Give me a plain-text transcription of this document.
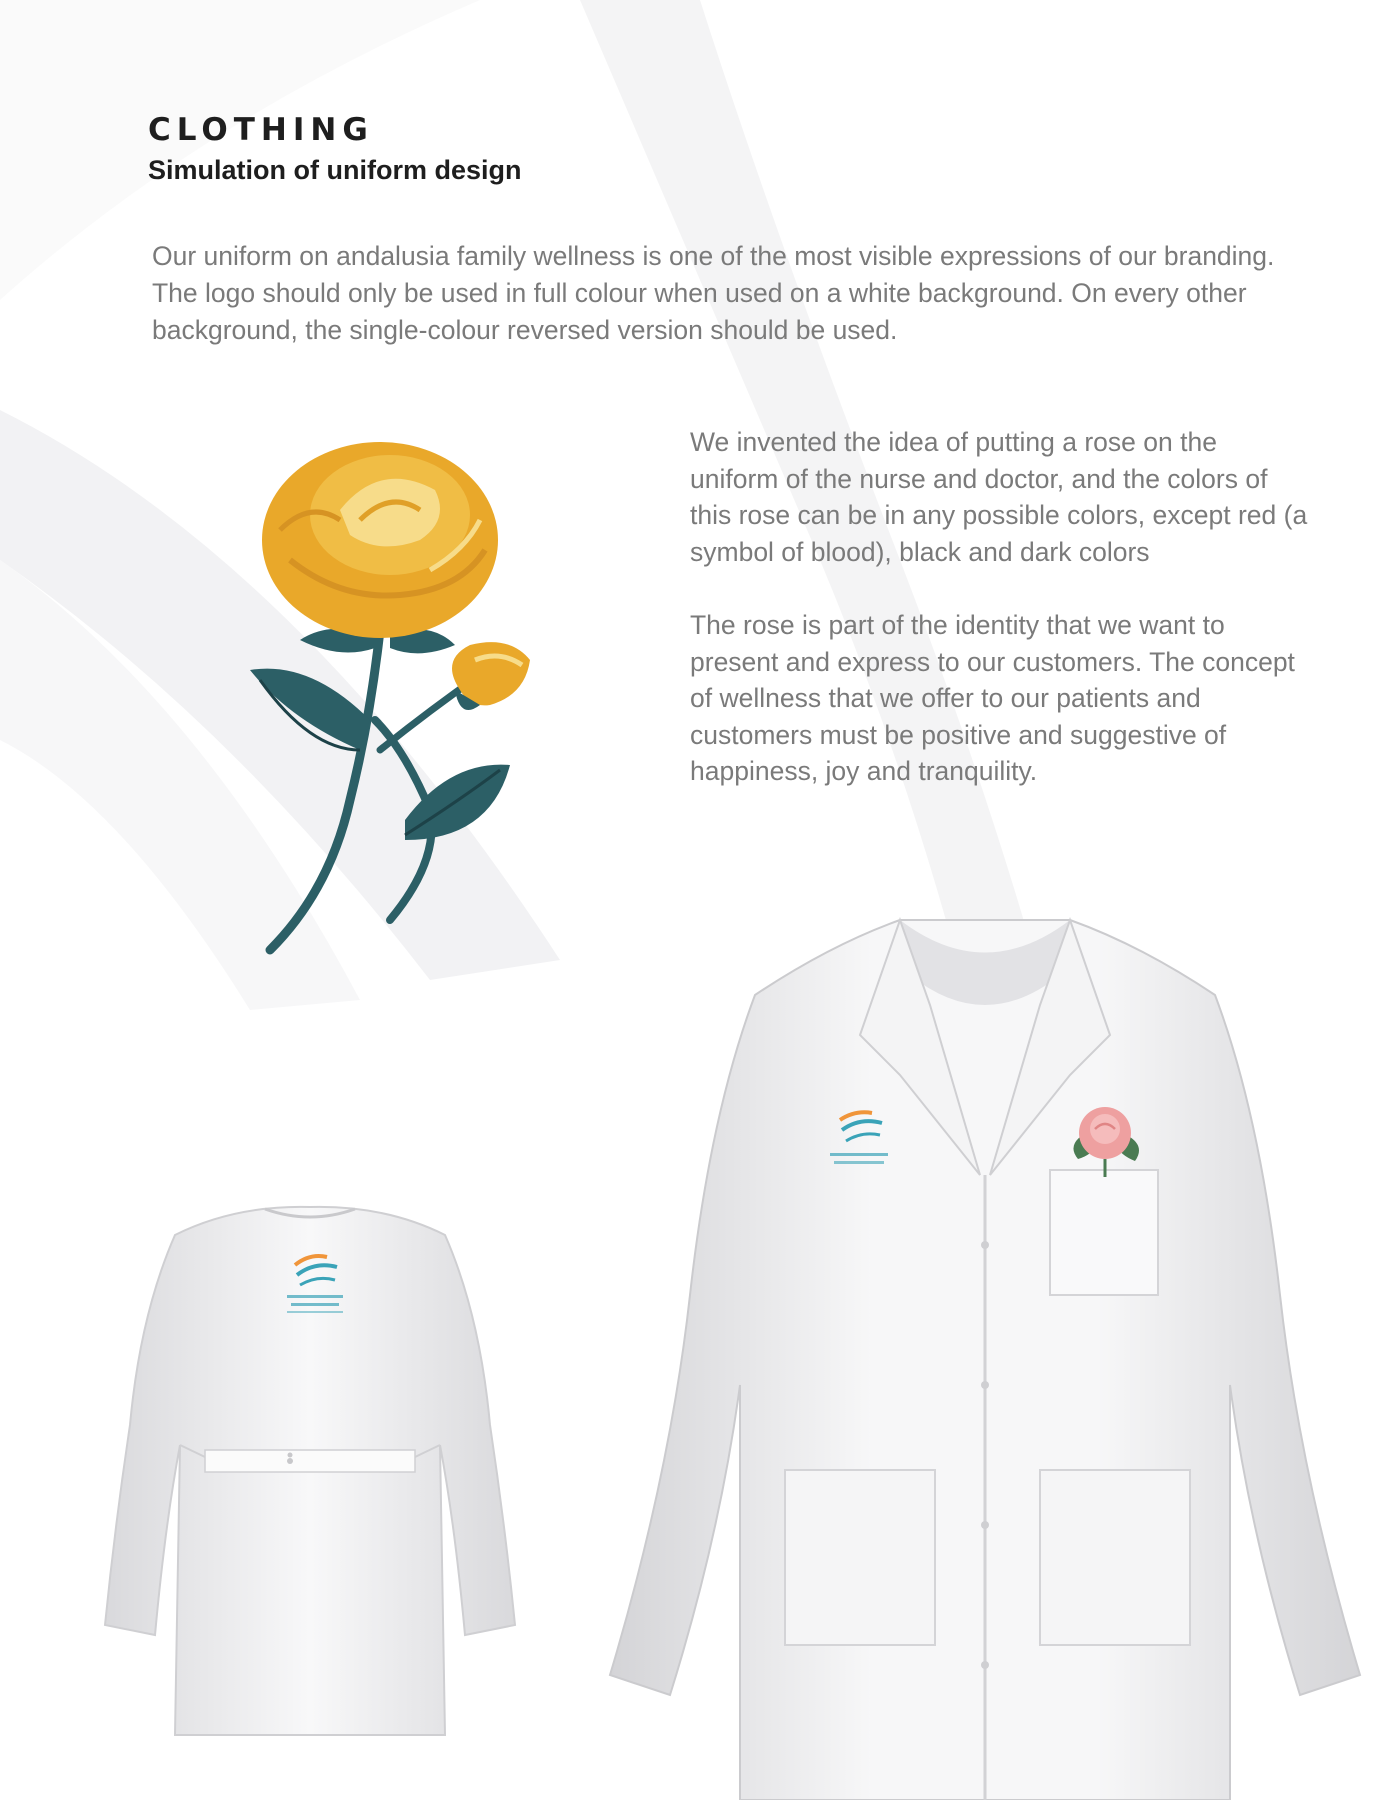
CLOTHING
Simulation of uniform design

Our uniform on andalusia family wellness is one of the most visible expressions of our branding. The logo should only be used in full colour when used on a white background. On every other background, the single-colour reversed version should be used.

We invented the idea of putting a rose on the uniform of the nurse and doctor, and the colors of this rose can be in any possible colors, except red (a symbol of blood), black and dark colors

The rose is part of the identity that we want to present and express to our customers. The concept of wellness that we offer to our patients and customers must be positive and suggestive of happiness, joy and tranquility.
